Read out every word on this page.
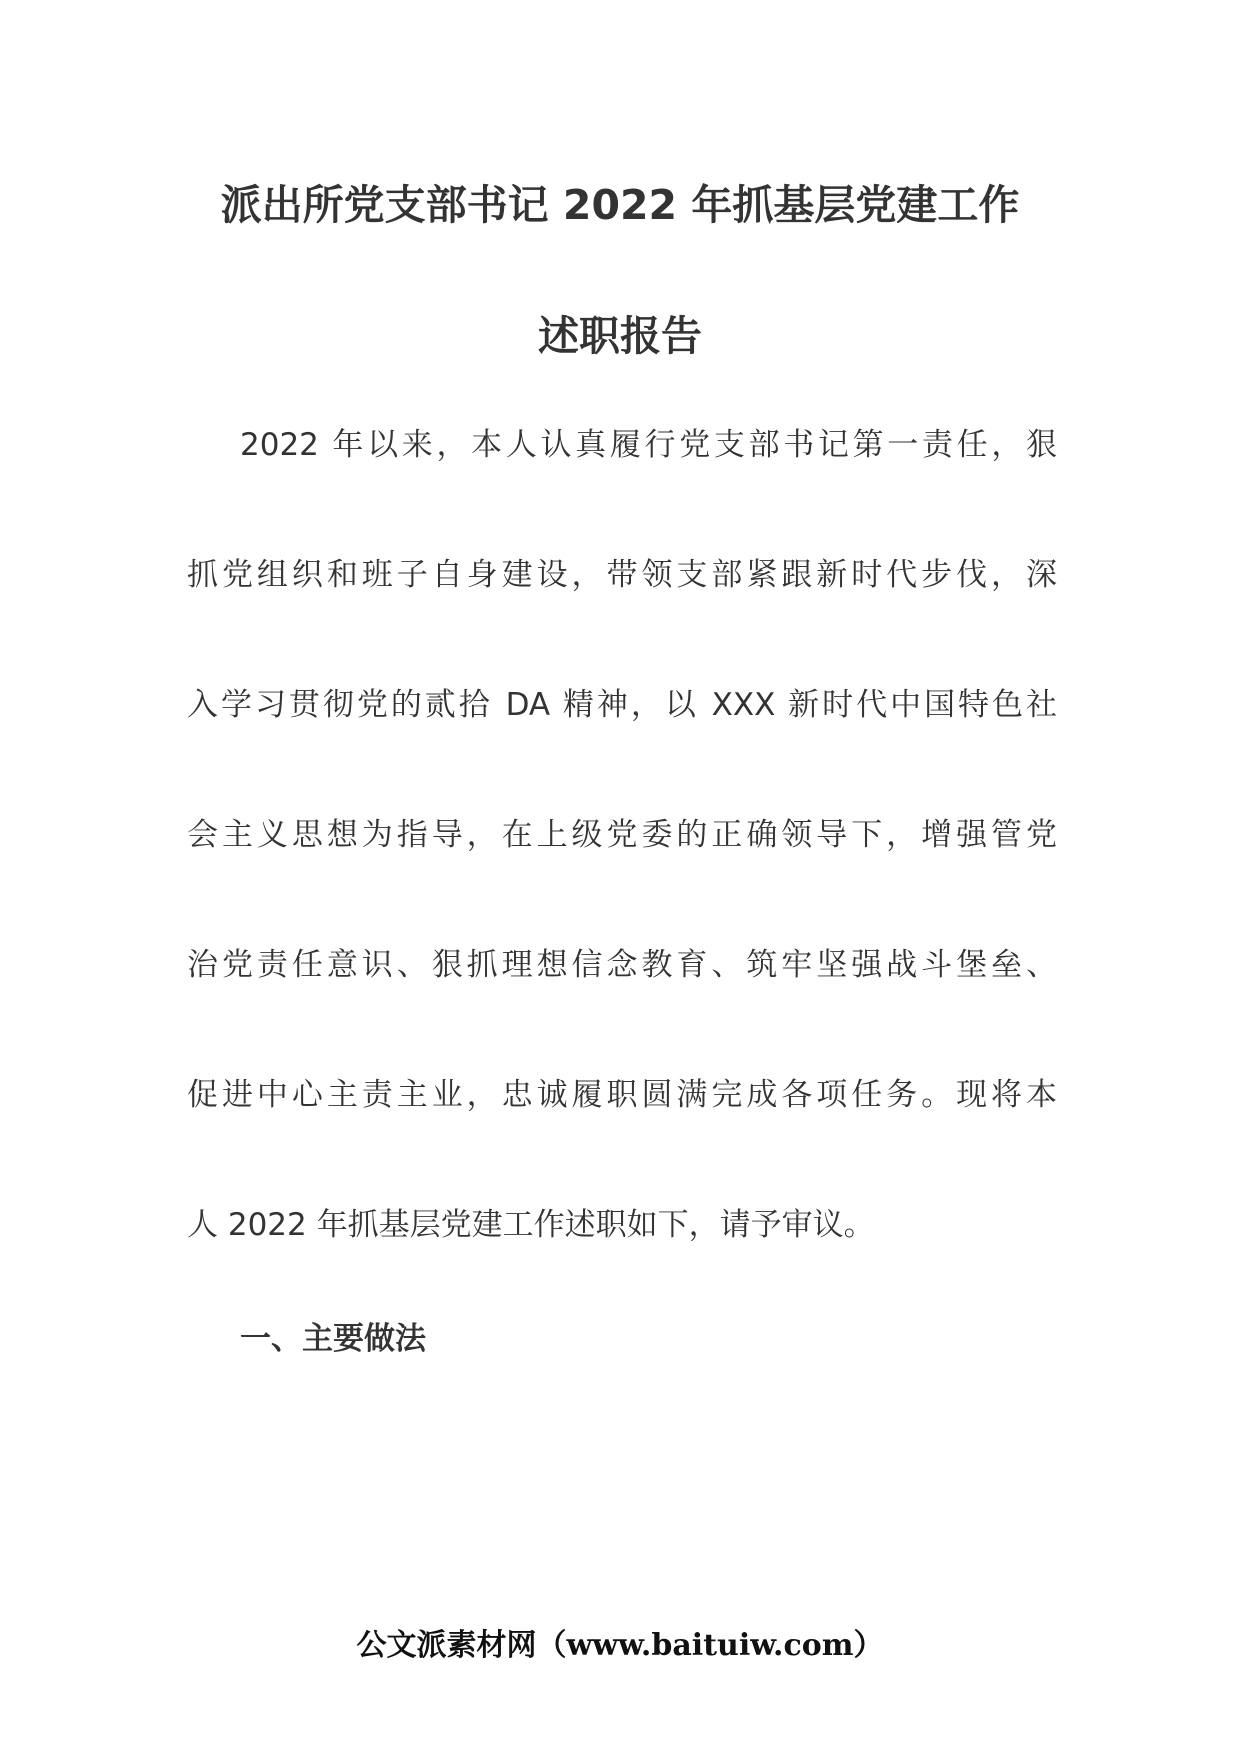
派出所党支部书记 2022 年抓基层党建工作
述职报告
2022 年以来，本人认真履行党支部书记第一责任，狠
抓党组织和班子自身建设，带领支部紧跟新时代步伐，深
入学习贯彻党的贰拾 DA 精神，以 XXX 新时代中国特色社
会主义思想为指导，在上级党委的正确领导下，增强管党
治党责任意识、狠抓理想信念教育、筑牢坚强战斗堡垒、
促进中心主责主业，忠诚履职圆满完成各项任务。现将本
人 2022 年抓基层党建工作述职如下，请予审议。
一、主要做法
公文派素材网（www.baituiw.com）
